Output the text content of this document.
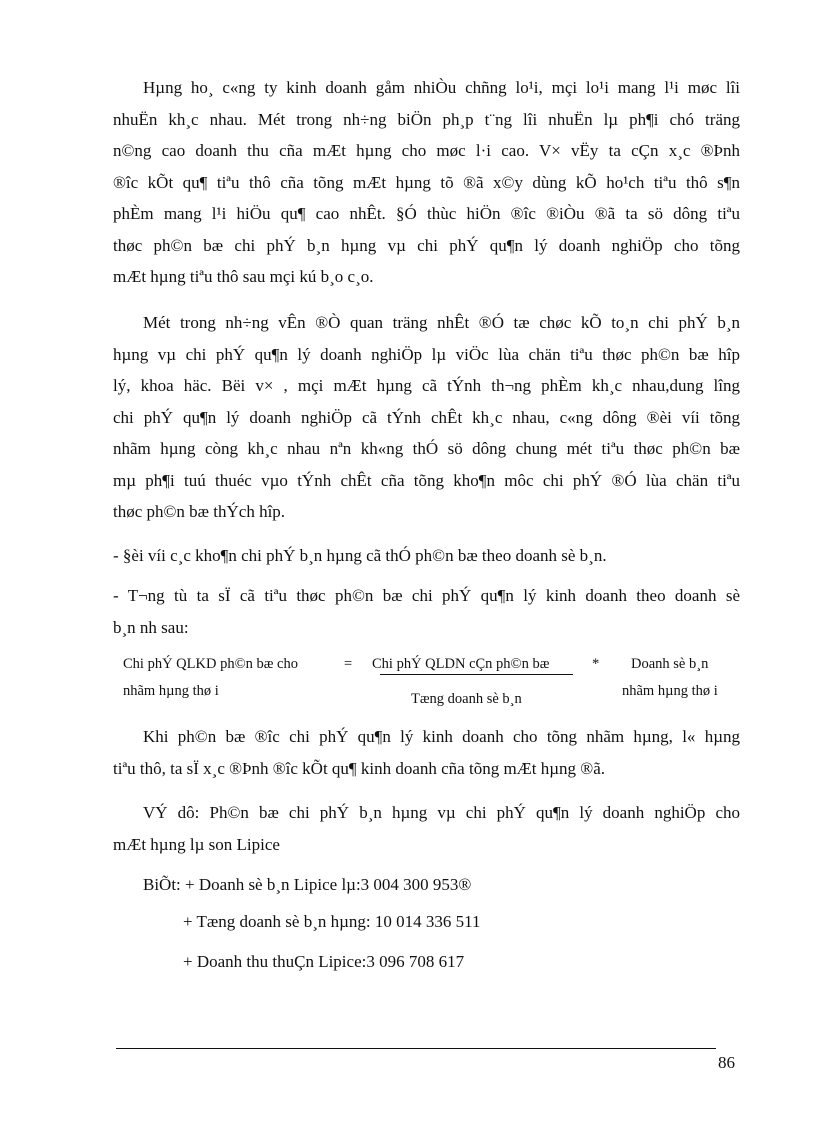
Hµng ho¸ c«ng ty kinh doanh gåm nhiÒu chñng lo¹i, mçi lo¹i mang l¹i møc lîi
nhuËn kh¸c nhau. Mét trong nh÷ng biÖn ph¸p t¨ng lîi nhuËn lµ ph¶i chó träng
n©ng cao doanh thu cña mÆt hµng cho møc l·i cao. V× vËy ta cÇn x¸c ®Þnh
®îc kÕt qu¶ tiªu thô cña tõng mÆt hµng tõ ®ã x©y dùng kÕ ho¹ch tiªu thô s¶n
phÈm mang l¹i hiÖu qu¶ cao nhÊt. §Ó thùc hiÖn ®îc ®iÒu ®ã ta sö dông tiªu
thøc ph©n bæ chi phÝ b¸n hµng vµ chi phÝ qu¶n lý doanh nghiÖp cho tõng
mÆt hµng tiªu thô sau mçi kú b¸o c¸o.
Mét trong nh÷ng vÊn ®Ò quan träng nhÊt ®Ó tæ chøc kÕ to¸n chi phÝ b¸n
hµng vµ chi phÝ qu¶n lý doanh nghiÖp lµ viÖc lùa chän tiªu thøc ph©n bæ hîp
lý, khoa häc. Bëi v× , mçi mÆt hµng cã tÝnh th¬ng phÈm kh¸c nhau,dung lîng
chi phÝ qu¶n lý doanh nghiÖp cã tÝnh chÊt kh¸c nhau, c«ng dông ®èi víi tõng
nhãm hµng còng kh¸c nhau nªn kh«ng thÓ sö dông chung mét tiªu thøc ph©n bæ
mµ ph¶i tuú thuéc vµo tÝnh chÊt cña tõng kho¶n môc chi phÝ ®Ó lùa chän tiªu
thøc ph©n bæ thÝch hîp.
- §èi víi c¸c kho¶n chi phÝ b¸n hµng cã thÓ ph©n bæ theo doanh sè b¸n.
- T¬ng tù ta sÏ cã tiªu thøc ph©n bæ chi phÝ qu¶n lý kinh doanh theo doanh sè
b¸n nh sau:
Chi phÝ QLKD ph©n bæ cho
nhãm hµng thø i
= Chi phÝ QLDN cÇn ph©n bæ
Tæng doanh sè b¸n
* Doanh sè b¸n
nhãm hµng thø i
Khi ph©n bæ ®îc chi phÝ qu¶n lý kinh doanh cho tõng nhãm hµng, l« hµng
tiªu thô, ta sÏ x¸c ®Þnh ®îc kÕt qu¶ kinh doanh cña tõng mÆt hµng ®ã.
VÝ dô: Ph©n bæ chi phÝ b¸n hµng vµ chi phÝ qu¶n lý doanh nghiÖp cho
mÆt hµng lµ son Lipice
BiÕt: + Doanh sè b¸n Lipice lµ:3 004 300 953®
+ Tæng doanh sè b¸n hµng: 10 014 336 511
+ Doanh thu thuÇn Lipice:3 096 708 617
86
